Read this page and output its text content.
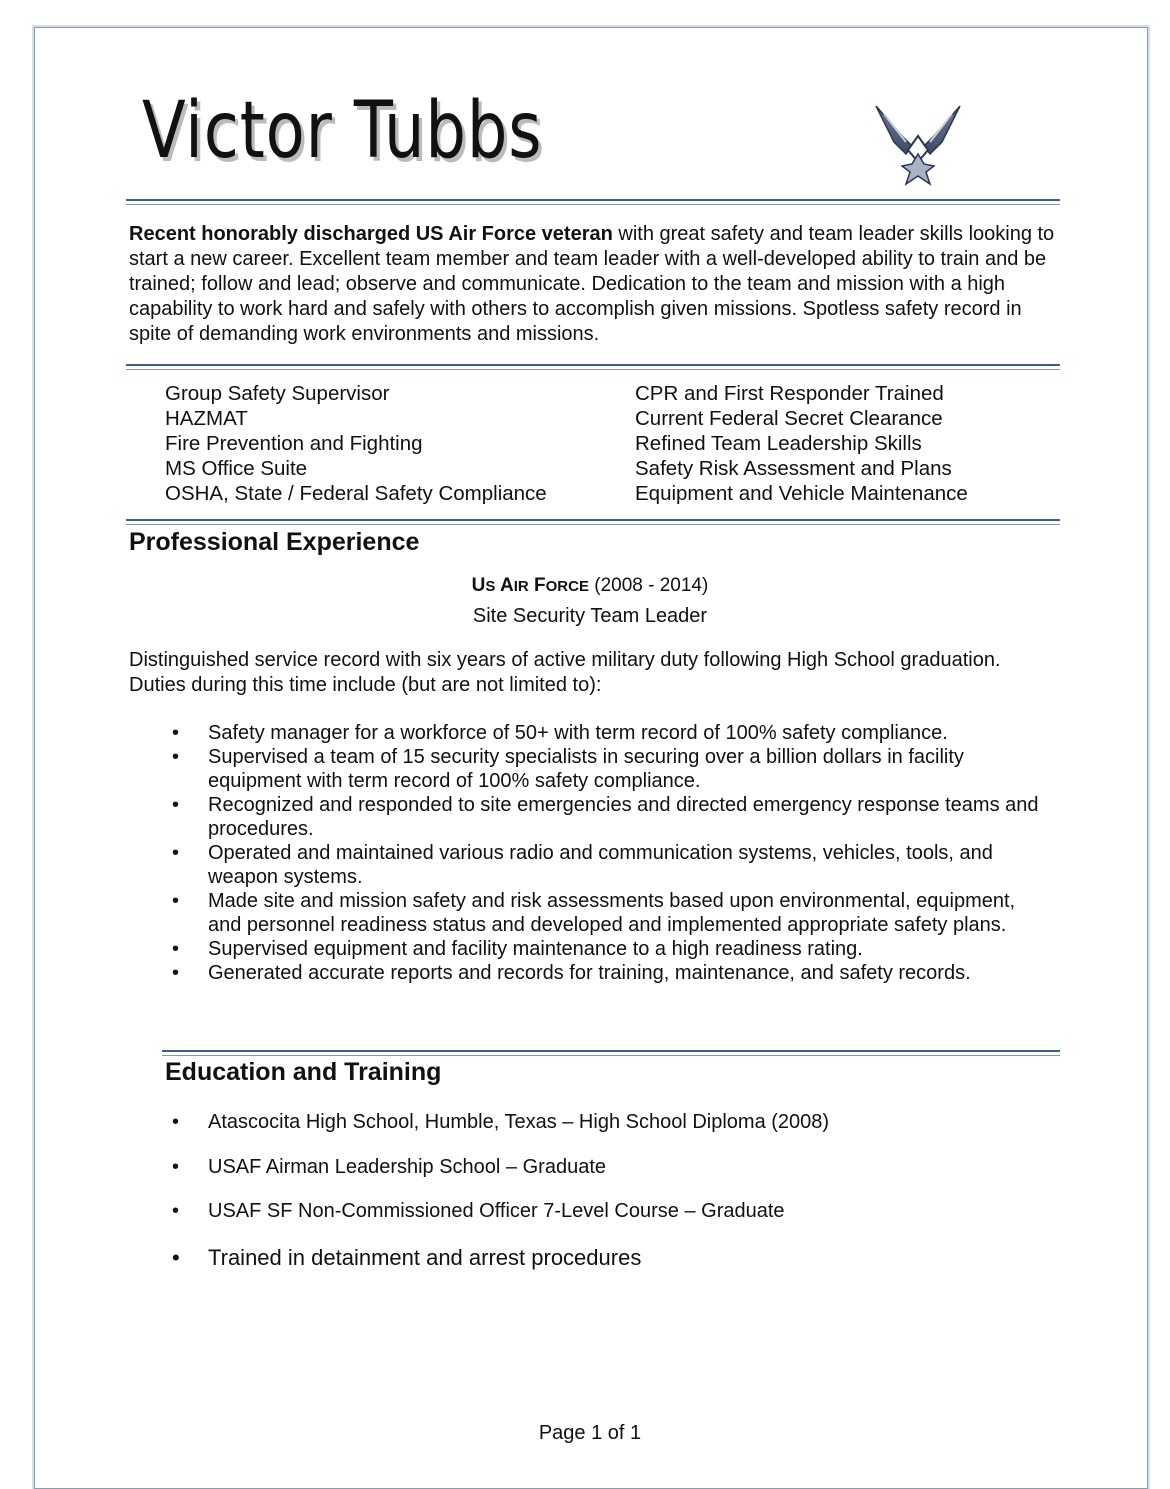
Victor Tubbs
Recent honorably discharged US Air Force veteran with great safety and team leader skills looking to start a new career. Excellent team member and team leader with a well-developed ability to train and be trained; follow and lead; observe and communicate. Dedication to the team and mission with a high capability to work hard and safely with others to accomplish given missions. Spotless safety record in spite of demanding work environments and missions.
Group Safety Supervisor
HAZMAT
Fire Prevention and Fighting
MS Office Suite
OSHA, State / Federal Safety Compliance
CPR and First Responder Trained
Current Federal Secret Clearance
Refined Team Leadership Skills
Safety Risk Assessment and Plans
Equipment and Vehicle Maintenance
Professional Experience
US AIR FORCE (2008 - 2014)
Site Security Team Leader
Distinguished service record with six years of active military duty following High School graduation. Duties during this time include (but are not limited to):
• Safety manager for a workforce of 50+ with term record of 100% safety compliance.
• Supervised a team of 15 security specialists in securing over a billion dollars in facility equipment with term record of 100% safety compliance.
• Recognized and responded to site emergencies and directed emergency response teams and procedures.
• Operated and maintained various radio and communication systems, vehicles, tools, and weapon systems.
• Made site and mission safety and risk assessments based upon environmental, equipment, and personnel readiness status and developed and implemented appropriate safety plans.
• Supervised equipment and facility maintenance to a high readiness rating.
• Generated accurate reports and records for training, maintenance, and safety records.
Education and Training
• Atascocita High School, Humble, Texas – High School Diploma (2008)
• USAF Airman Leadership School – Graduate
• USAF SF Non-Commissioned Officer 7-Level Course – Graduate
• Trained in detainment and arrest procedures
Page 1 of 1
